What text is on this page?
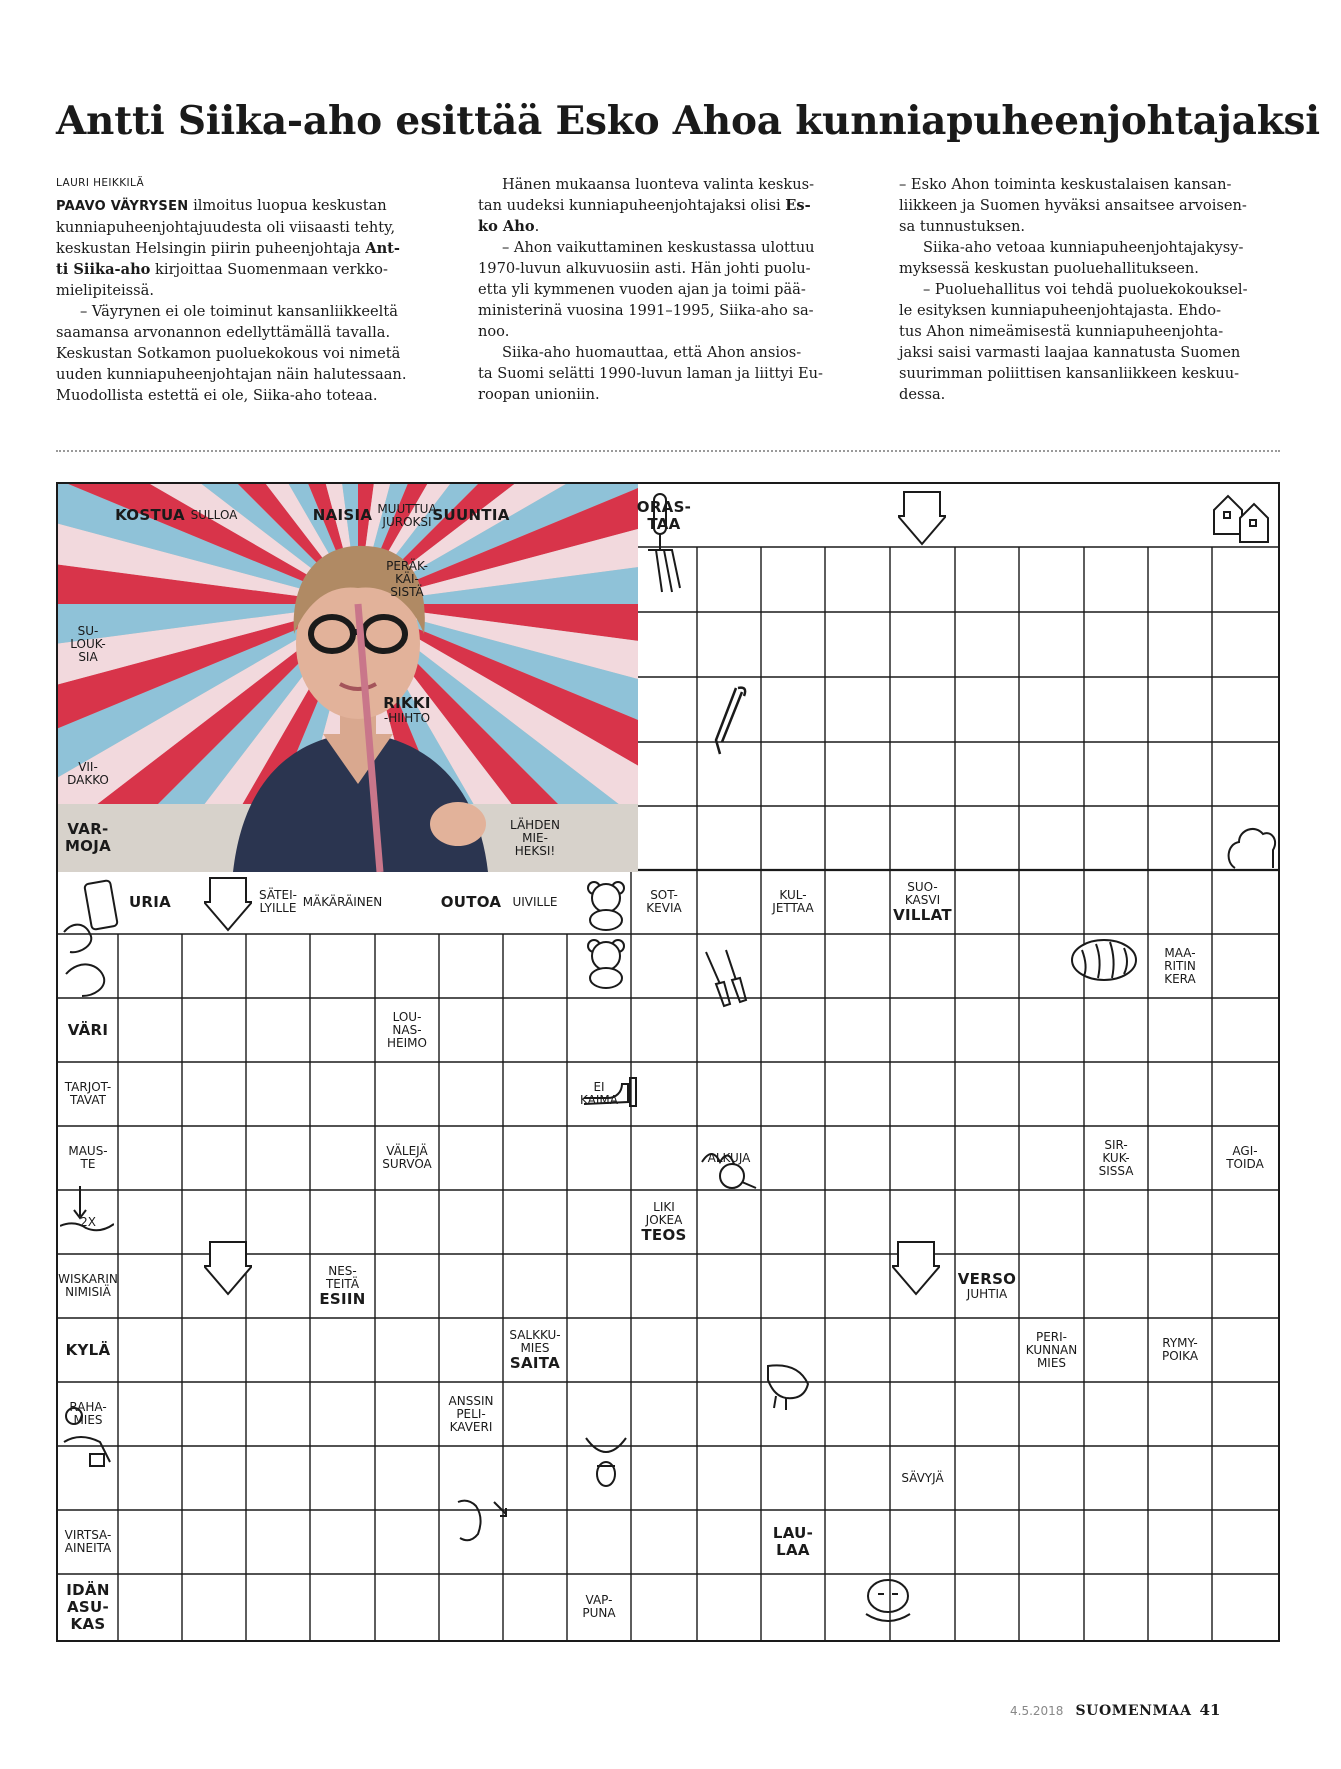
Antti Siika-aho esittää Esko Ahoa kunniapuheenjohtajaksi

LAURI HEIKKILÄ

PAAVO VÄYRYSEN ilmoitus luopua keskustan

kunniapuheenjohtajuudesta oli viisaasti tehty,

keskustan Helsingin piirin puheenjohtaja Ant-

ti Siika-aho kirjoittaa Suomenmaan verkko-

mielipiteissä.

– Väyrynen ei ole toiminut kansanliikkeeltä

saamansa arvonannon edellyttämällä tavalla.

Keskustan Sotkamon puoluekokous voi nimetä

uuden kunniapuheenjohtajan näin halutessaan.

Muodollista estettä ei ole, Siika-aho toteaa.

Hänen mukaansa luonteva valinta keskus-

tan uudeksi kunniapuheenjohtajaksi olisi Es-

ko Aho.

– Ahon vaikuttaminen keskustassa ulottuu

1970-luvun alkuvuosiin asti. Hän johti puolu-

etta yli kymmenen vuoden ajan ja toimi pää-

ministerinä vuosina 1991–1995, Siika-aho sa-

noo.

Siika-aho huomauttaa, että Ahon ansios-

ta Suomi selätti 1990-luvun laman ja liittyi Eu-

roopan unioniin.

– Esko Ahon toiminta keskustalaisen kansan-

liikkeen ja Suomen hyväksi ansaitsee arvoisen-

sa tunnustuksen.

Siika-aho vetoaa kunniapuheenjohtajakysy-

myksessä keskustan puoluehallitukseen.

– Puoluehallitus voi tehdä puoluekokouksel-

le esityksen kunniapuheenjohtajasta. Ehdo-

tus Ahon nimeämisestä kunniapuheenjohta-

jaksi saisi varmasti laajaa kannatusta Suomen

suurimman poliittisen kansanliikkeen keskuu-

dessa.

KOSTUA SULLOA	NAISIA MUUTTUA
JUROKSI SUUNTIA	ORAS-
TAA
PERÄK-
KÄI-
SISTÄ
SU-
LOUK-
SIA
RIKKI
-HIIHTO
VII-
DAKKO
VAR-
MOJA
LÄHDEN
MIE-
HEKSI!
URIA	SÄTEI-
LYILLE MÄKÄRÄINEN	OUTOA UIVILLE	SOT-
KEVIA
KUL-
JETTAA
SUO-
KASVI
VILLAT
MAA-
RITIN
KERA
VÄRI
LOU-
NAS-
HEIMO
TARJOT-
TAVAT
EI
KAIMA
MAUS-
TE
VÄLEJÄ
SURVOA	ALKUJA
SIR-
KUK-
SISSA
AGI-
TOIDA
2X
LIKI
JOKEA
TEOS
WISKARIN
NIMISIÄ
NES-
TEITÄ
ESIIN
VERSO
JUHTIA
KYLÄ
SALKKU-
MIES
SAITA
PERI-
KUNNAN
MIES
RYMY-
POIKA
RAHA-
MIES
ANSSIN
PELI-
KAVERI
SÄVYJÄ
VIRTSA-
AINEITA
LAU-
LAA
IDÄN
ASU-
KAS
VAP-
PUNA
4.5.2018 SUOMENMAA 41
